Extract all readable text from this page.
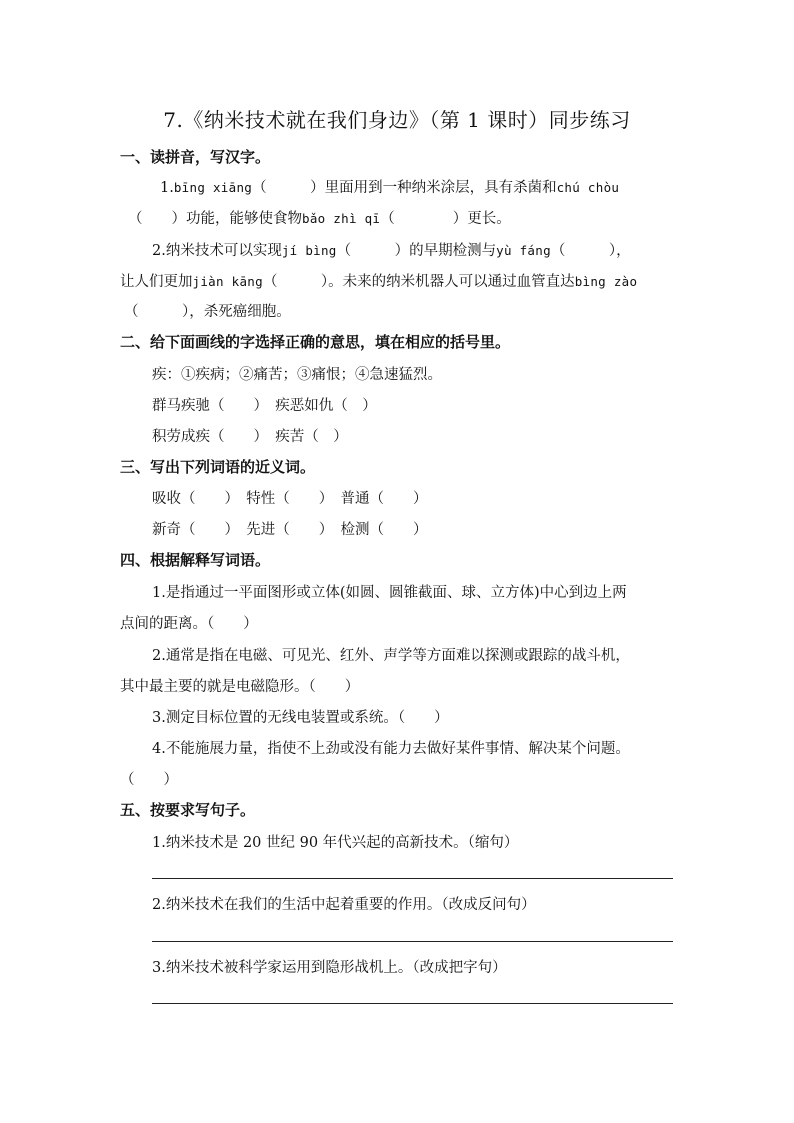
7.《纳米技术就在我们身边》（第 1 课时）同步练习
一、读拼音，写汉字。
1.bīng xiāng（　　　）里面用到一种纳米涂层，具有杀菌和chú chòu
（　　）功能，能够使食物bǎo zhì qī（　　　　）更长。
2.纳米技术可以实现jí bìng（　　　）的早期检测与yù fáng（　　　），
让人们更加jiàn kāng（　　　）。未来的纳米机器人可以通过血管直达bìng zào
（　　　），杀死癌细胞。
二、给下面画线的字选择正确的意思，填在相应的括号里。
疾：①疾病；②痛苦；③痛恨；④急速猛烈。
群马疾驰（　　）　疾恶如仇（　）
积劳成疾（　　）　疾苦（　）
三、写出下列词语的近义词。
吸收（　　）　特性（　　）　普通（　　）
新奇（　　）　先进（　　）　检测（　　）
四、根据解释写词语。
1.是指通过一平面图形或立体(如圆、圆锥截面、球、立方体)中心到边上两
点间的距离。（　　）
2.通常是指在电磁、可见光、红外、声学等方面难以探测或跟踪的战斗机，
其中最主要的就是电磁隐形。（　　）
3.测定目标位置的无线电装置或系统。（　　）
4.不能施展力量，指使不上劲或没有能力去做好某件事情、解决某个问题。
（　　）
五、按要求写句子。
1.纳米技术是 20 世纪 90 年代兴起的高新技术。（缩句）
2.纳米技术在我们的生活中起着重要的作用。（改成反问句）
3.纳米技术被科学家运用到隐形战机上。（改成把字句）
